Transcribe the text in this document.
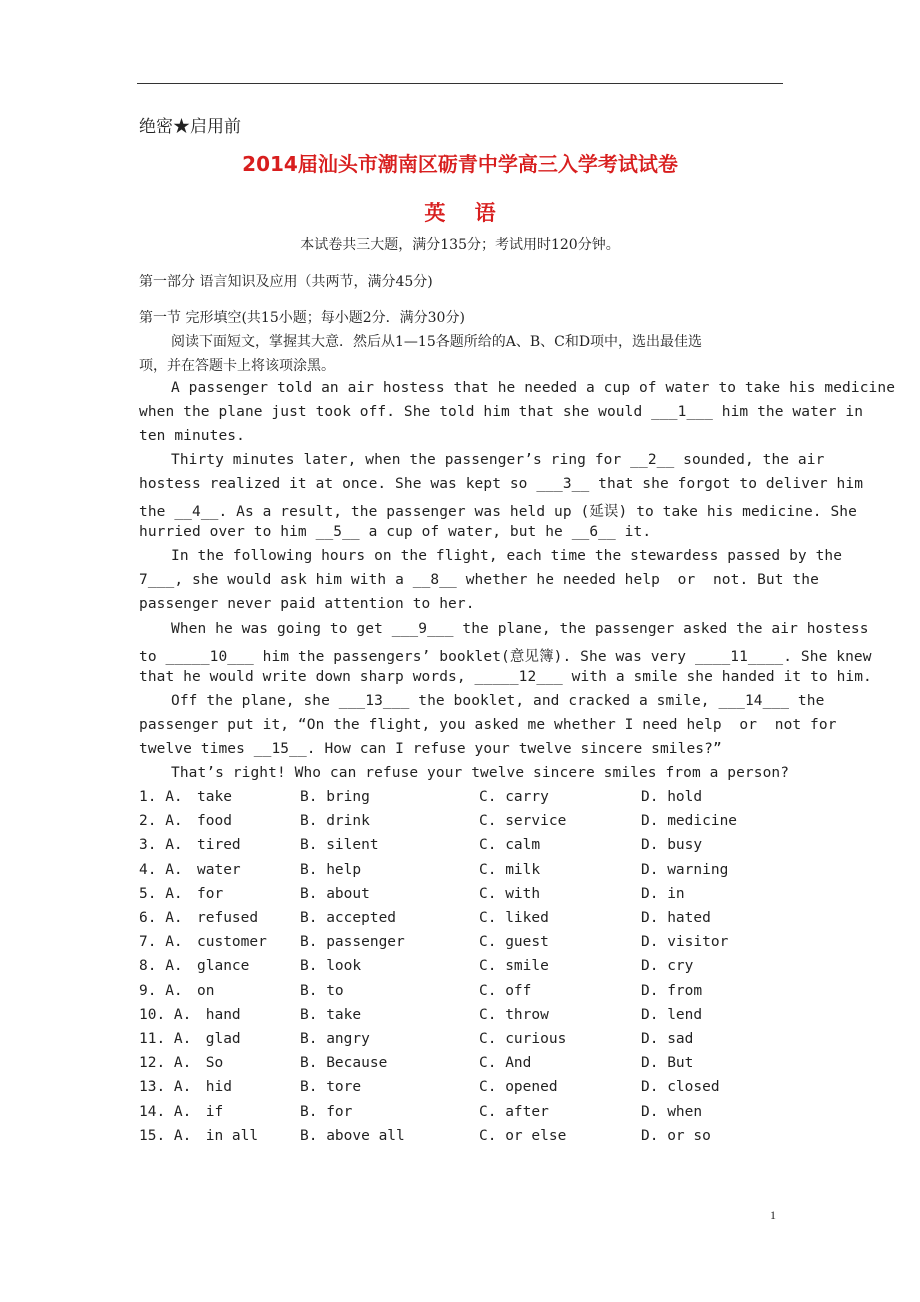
绝密★启用前
2014届汕头市潮南区砺青中学高三入学考试试卷
英 语
本试卷共三大题，满分135分；考试用时120分钟。
第一部分 语言知识及应用（共两节，满分45分)
第一节 完形填空(共15小题；每小题2分．满分30分)
阅读下面短文，掌握其大意．然后从1—15各题所给的A、B、C和D项中，选出最佳选
项，并在答题卡上将该项涂黑。
A passenger told an air hostess that he needed a cup of water to take his medicine
when the plane just took off. She told him that she would ___1___ him the water in
ten minutes.
Thirty minutes later, when the passenger’s ring for __2__ sounded, the air
hostess realized it at once. She was kept so ___3__ that she forgot to deliver him
the __4__. As a result, the passenger was held up (延误) to take his medicine. She
hurried over to him __5__ a cup of water, but he __6__ it.
In the following hours on the flight, each time the stewardess passed by the
7___, she would ask him with a __8__ whether he needed help  or  not. But the
passenger never paid attention to her.
When he was going to get ___9___ the plane, the passenger asked the air hostess
to _____10___ him the passengers’ booklet(意见簿). She was very ____11____. She knew
that he would write down sharp words, _____12___ with a smile she handed it to him.
Off the plane, she ___13___ the booklet, and cracked a smile, ___14___ the
passenger put it, “On the flight, you asked me whether I need help  or  not for
twelve times __15__. How can I refuse your twelve sincere smiles?”
That’s right! Who can refuse your twelve sincere smiles from a person?
1. A. take	B. bring	C. carry	D. hold
2. A. food	B. drink	C. service	D. medicine
3. A. tired	B. silent	C. calm	D. busy
4. A. water	B. help	C. milk	D. warning
5. A. for	B. about	C. with	D. in
6. A. refused	B. accepted	C. liked	D. hated
7. A. customer B. passenger	C. guest	D. visitor
8. A. glance	B. look	C. smile	D. cry
9. A. on	B. to	C. off	D. from
10. A. hand	B. take	C. throw	D. lend
11. A. glad	B. angry	C. curious	D. sad
12. A. So	B. Because	C. And	D. But
13. A. hid	B. tore	C. opened	D. closed
14. A. if	B. for	C. after	D. when
15. A. in all	B. above all	C. or else	D. or so
1
